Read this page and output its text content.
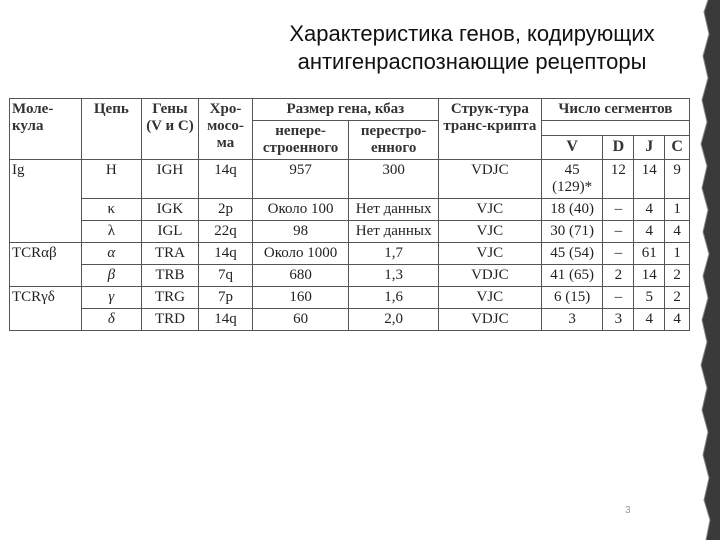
Характеристика генов, кодирующих
антигенраспознающие рецепторы
Моле-кула	Цепь	Гены (V и С)	Хро-мосо-ма	Размер гена, кбаз		Струк-тура транс-крипта	Число сегментов			
				непере-строенного	перестро-енного					
							V	D	J	C
Ig	H	IGH	14q	957	300	VDJC	45 (129)*	12	14	9
	κ	IGK	2p	Около 100	Нет данных	VJC	18 (40)	–	4	1
	λ	IGL	22q	98	Нет данных	VJC	30 (71)	–	4	4
TCRαβ	α	TRA	14q	Около 1000	1,7	VJC	45 (54)	–	61	1
	β	TRB	7q	680	1,3	VDJC	41 (65)	2	14	2
TCRγδ	γ	TRG	7p	160	1,6	VJC	6 (15)	–	5	2
	δ	TRD	14q	60	2,0	VDJC	3	3	4	4
3
